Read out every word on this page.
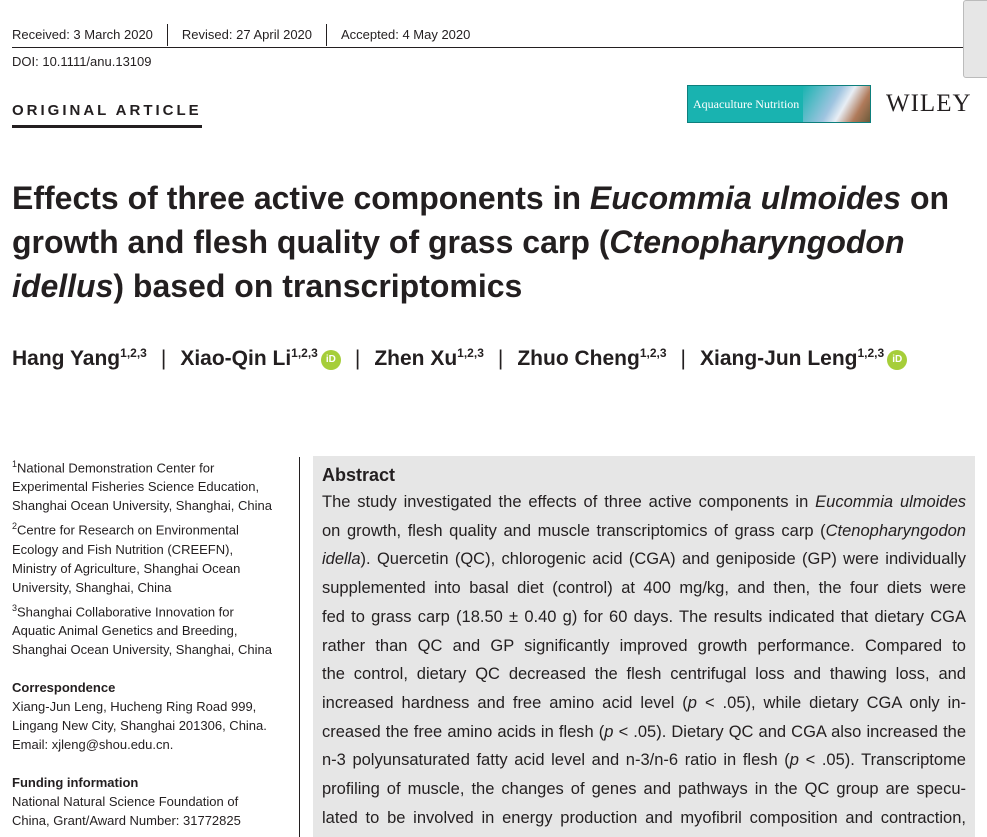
Received: 3 March 2020	Revised: 27 April 2020	Accepted: 4 May 2020
DOI: 10.1111/anu.13109
ORIGINAL ARTICLE	Aquaculture Nutrition	WILEY
Effects of three active components in Eucommia ulmoides on
growth and flesh quality of grass carp (Ctenopharyngodon
idellus) based on transcriptomics
Hang Yang$^{1,2,3}$ | Xiao-Qin Li$^{1,2,3}$ iD | Zhen Xu$^{1,2,3}$ | Zhuo Cheng$^{1,2,3}$ | Xiang-Jun Leng$^{1,2,3}$ iD

$^1$National Demonstration Center for
Experimental Fisheries Science Education,
Shanghai Ocean University, Shanghai, China

$^2$Centre for Research on Environmental
Ecology and Fish Nutrition (CREEFN),
Ministry of Agriculture, Shanghai Ocean
University, Shanghai, China

$^3$Shanghai Collaborative Innovation for
Aquatic Animal Genetics and Breeding,
Shanghai Ocean University, Shanghai, China

Correspondence
Xiang-Jun Leng, Hucheng Ring Road 999,
Lingang New City, Shanghai 201306, China.
Email: xjleng@shou.edu.cn.

Funding information
National Natural Science Foundation of
China, Grant/Award Number: 31772825

Abstract
The study investigated the effects of three active components in Eucommia ulmoides
on growth, flesh quality and muscle transcriptomics of grass carp (Ctenopharyngodon
idella). Quercetin (QC), chlorogenic acid (CGA) and geniposide (GP) were individually
supplemented into basal diet (control) at 400 mg/kg, and then, the four diets were
fed to grass carp (18.50 ± 0.40 g) for 60 days. The results indicated that dietary CGA
rather than QC and GP significantly improved growth performance. Compared to
the control, dietary QC decreased the flesh centrifugal loss and thawing loss, and
increased hardness and free amino acid level (p < .05), while dietary CGA only in-
creased the free amino acids in flesh (p < .05). Dietary QC and CGA also increased the
n-3 polyunsaturated fatty acid level and n-3/n-6 ratio in flesh (p < .05). Transcriptome
profiling of muscle, the changes of genes and pathways in the QC group are specu-
lated to be involved in energy production and myofibril composition and contraction,
